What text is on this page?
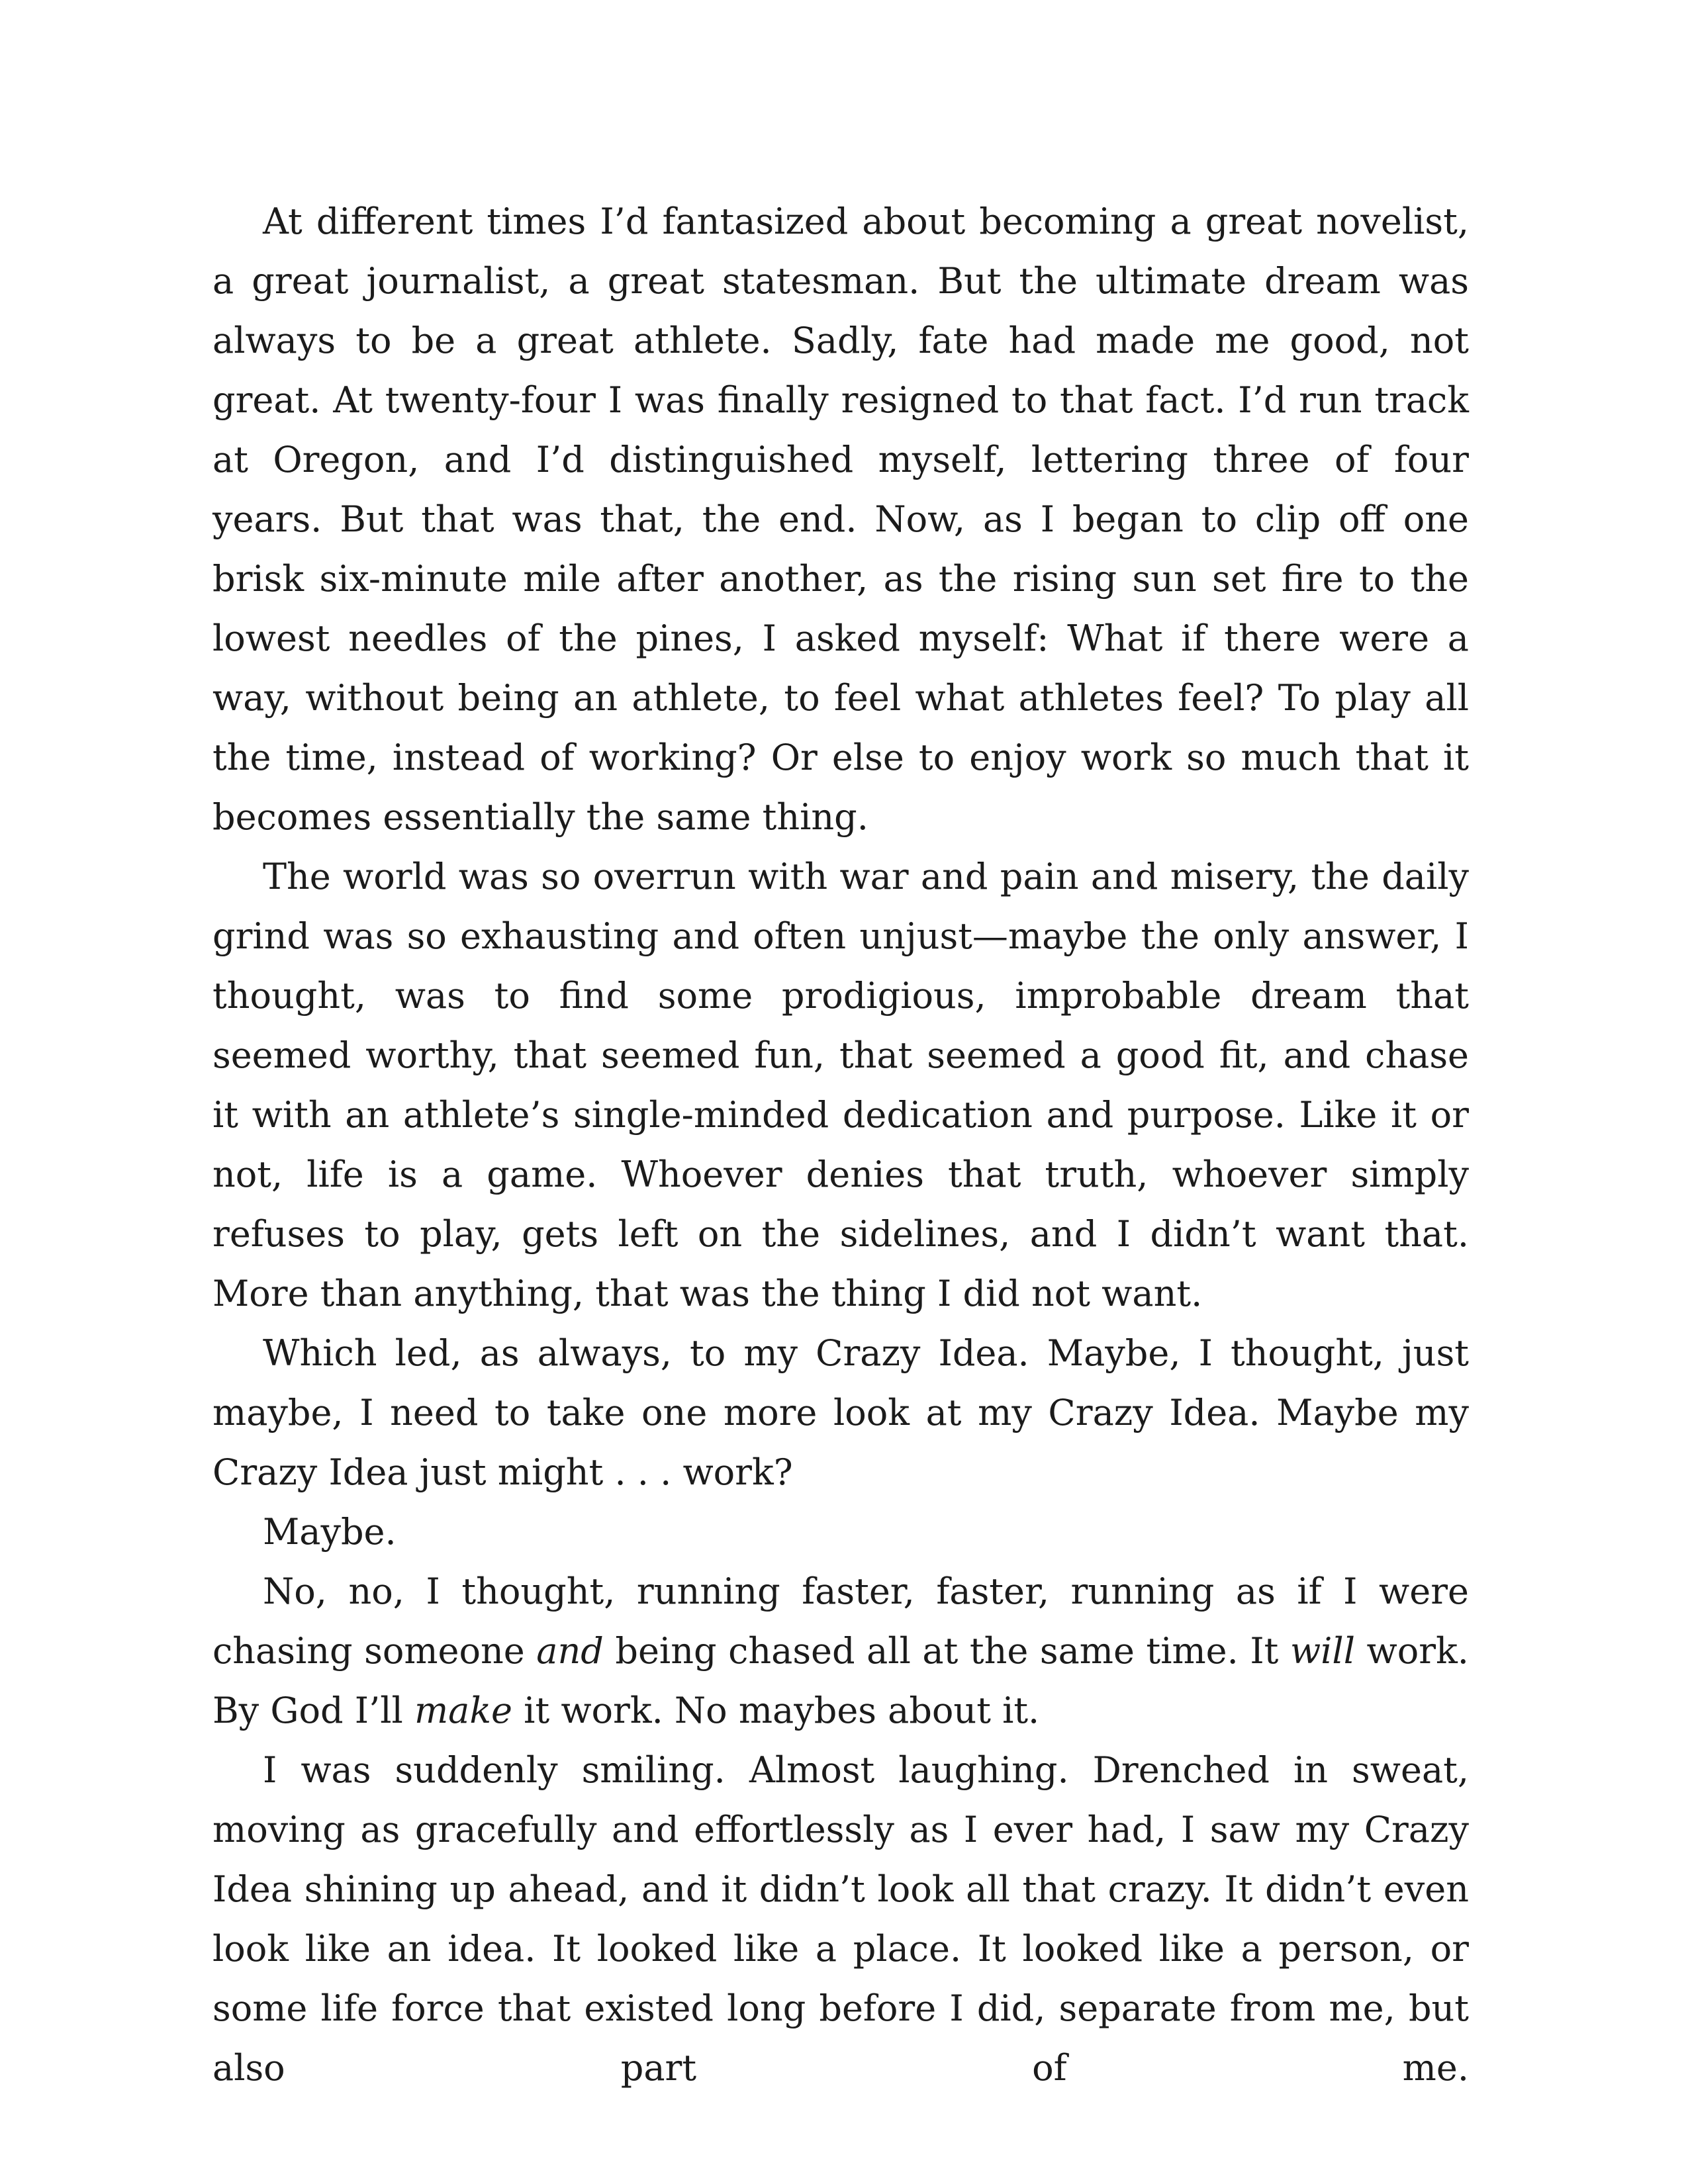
At different times I’d fantasized about becoming a great novelist, a great journalist, a great statesman. But the ultimate dream was always to be a great athlete. Sadly, fate had made me good, not great. At twenty-four I was finally resigned to that fact. I’d run track at Oregon, and I’d distinguished myself, lettering three of four years. But that was that, the end. Now, as I began to clip off one brisk six-minute mile after another, as the rising sun set fire to the lowest needles of the pines, I asked myself: What if there were a way, without being an athlete, to feel what athletes feel? To play all the time, instead of working? Or else to enjoy work so much that it becomes essentially the same thing.

The world was so overrun with war and pain and misery, the daily grind was so exhausting and often unjust—maybe the only answer, I thought, was to find some prodigious, improbable dream that seemed worthy, that seemed fun, that seemed a good fit, and chase it with an athlete’s single-minded dedication and purpose. Like it or not, life is a game. Whoever denies that truth, whoever simply refuses to play, gets left on the sidelines, and I didn’t want that. More than anything, that was the thing I did not want.

Which led, as always, to my Crazy Idea. Maybe, I thought, just maybe, I need to take one more look at my Crazy Idea. Maybe my Crazy Idea just might . . . work?

Maybe.

No, no, I thought, running faster, faster, running as if I were chasing someone and being chased all at the same time. It will work. By God I’ll make it work. No maybes about it.

I was suddenly smiling. Almost laughing. Drenched in sweat, moving as gracefully and effortlessly as I ever had, I saw my Crazy Idea shining up ahead, and it didn’t look all that crazy. It didn’t even look like an idea. It looked like a place. It looked like a person, or some life force that existed long before I did, separate from me, but also part of me.
